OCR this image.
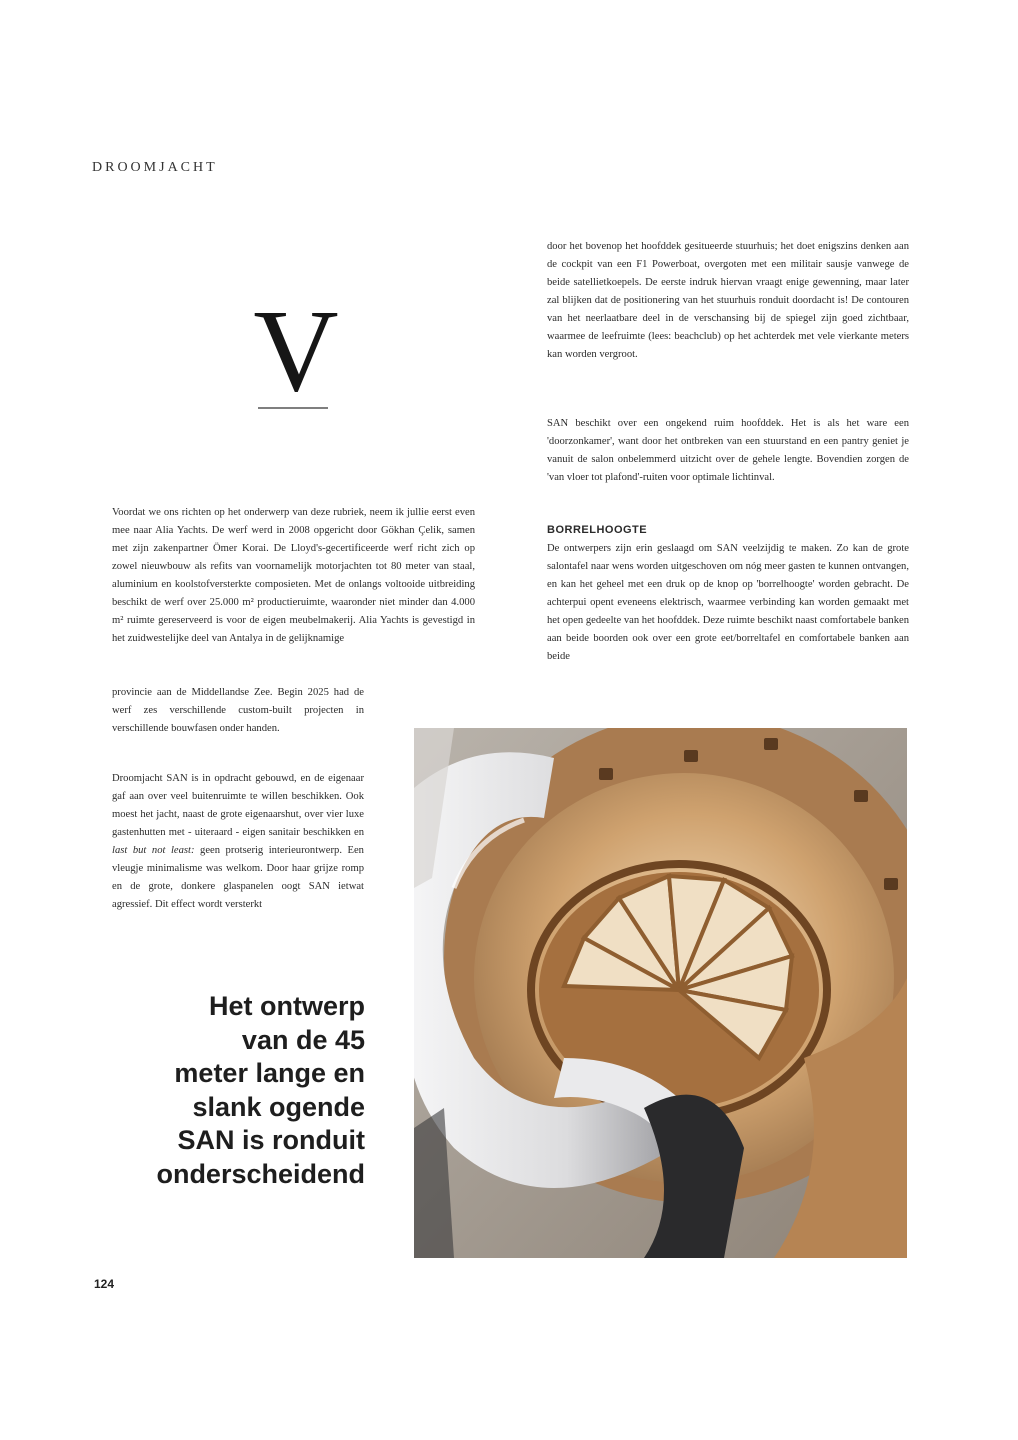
DROOMJACHT
V

Voordat we ons richten op het onderwerp van deze rubriek, neem ik jullie eerst even mee naar Alia Yachts. De werf werd in 2008 opgericht door Gökhan Çelik, samen met zijn zakenpartner Ömer Korai. De Lloyd's-gecertificeerde werf richt zich op zowel nieuwbouw als refits van voornamelijk motorjachten tot 80 meter van staal, aluminium en koolstofversterkte composieten. Met de onlangs voltooide uitbreiding beschikt de werf over 25.000 m² productieruimte, waaronder niet minder dan 4.000 m² ruimte gereserveerd is voor de eigen meubelmakerij. Alia Yachts is gevestigd in het zuidwestelijke deel van Antalya in de gelijknamige

provincie aan de Middellandse Zee. Begin 2025 had de werf zes verschillende custom-built projecten in verschillende bouwfasen onder handen.

Droomjacht SAN is in opdracht gebouwd, en de eigenaar gaf aan over veel buitenruimte te willen beschikken. Ook moest het jacht, naast de grote eigenaarshut, over vier luxe gastenhutten met - uiteraard - eigen sanitair beschikken en last but not least: geen protserig interieurontwerp. Een vleugje minimalisme was welkom. Door haar grijze romp en de grote, donkere glaspanelen oogt SAN ietwat agressief. Dit effect wordt versterkt

door het bovenop het hoofddek gesitueerde stuurhuis; het doet enigszins denken aan de cockpit van een F1 Powerboat, overgoten met een militair sausje vanwege de beide satellietkoepels. De eerste indruk hiervan vraagt enige gewenning, maar later zal blijken dat de positionering van het stuurhuis ronduit doordacht is! De contouren van het neerlaatbare deel in de verschansing bij de spiegel zijn goed zichtbaar, waarmee de leefruimte (lees: beachclub) op het achterdek met vele vierkante meters kan worden vergroot.

SAN beschikt over een ongekend ruim hoofddek. Het is als het ware een 'doorzonkamer', want door het ontbreken van een stuurstand en een pantry geniet je vanuit de salon onbelemmerd uitzicht over de gehele lengte. Bovendien zorgen de 'van vloer tot plafond'-ruiten voor optimale lichtinval.

BORRELHOOGTE

De ontwerpers zijn erin geslaagd om SAN veelzijdig te maken. Zo kan de grote salontafel naar wens worden uitgeschoven om nóg meer gasten te kunnen ontvangen, en kan het geheel met een druk op de knop op 'borrelhoogte' worden gebracht. De achterpui opent eveneens elektrisch, waarmee verbinding kan worden gemaakt met het open gedeelte van het hoofddek. Deze ruimte beschikt naast comfortabele banken aan beide boorden ook over een grote eet/borreltafel en comfortabele banken aan beide

Het ontwerp
van de 45
meter lange en
slank ogende
SAN is ronduit
onderscheidend
124
